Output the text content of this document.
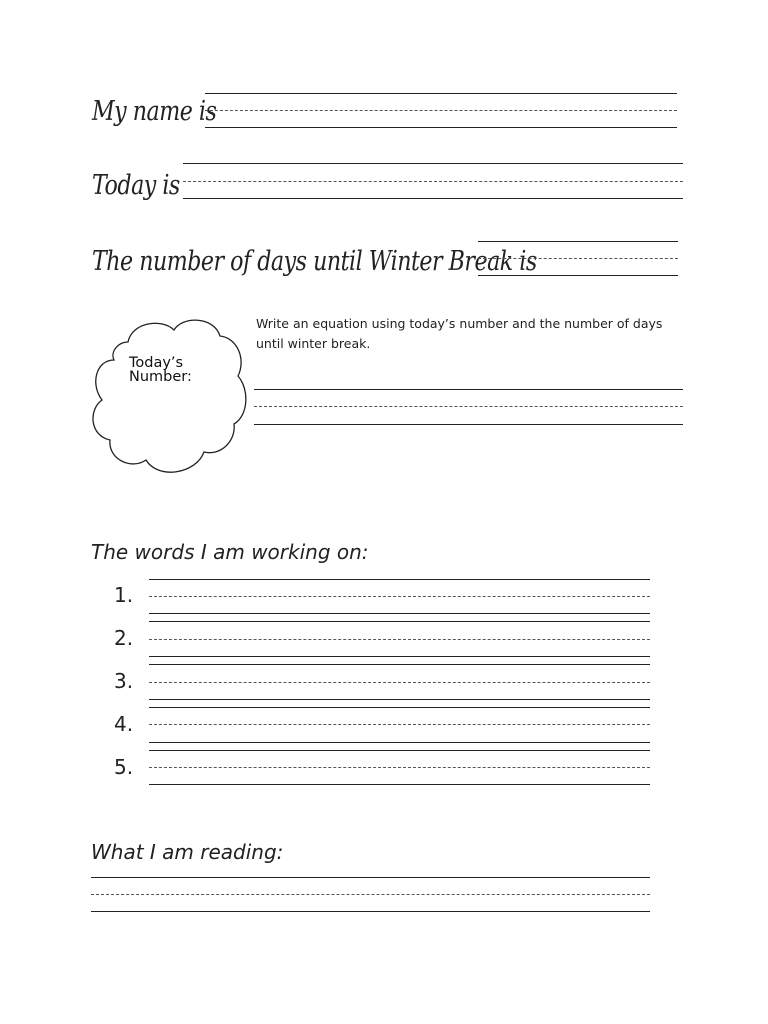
My name is
Today is
The number of days until Winter Break is
Today’s
Number:
Write an equation using today’s number and the number of days until winter break.
The words I am working on:
1.
2.
3.
4.
5.
What I am reading:
